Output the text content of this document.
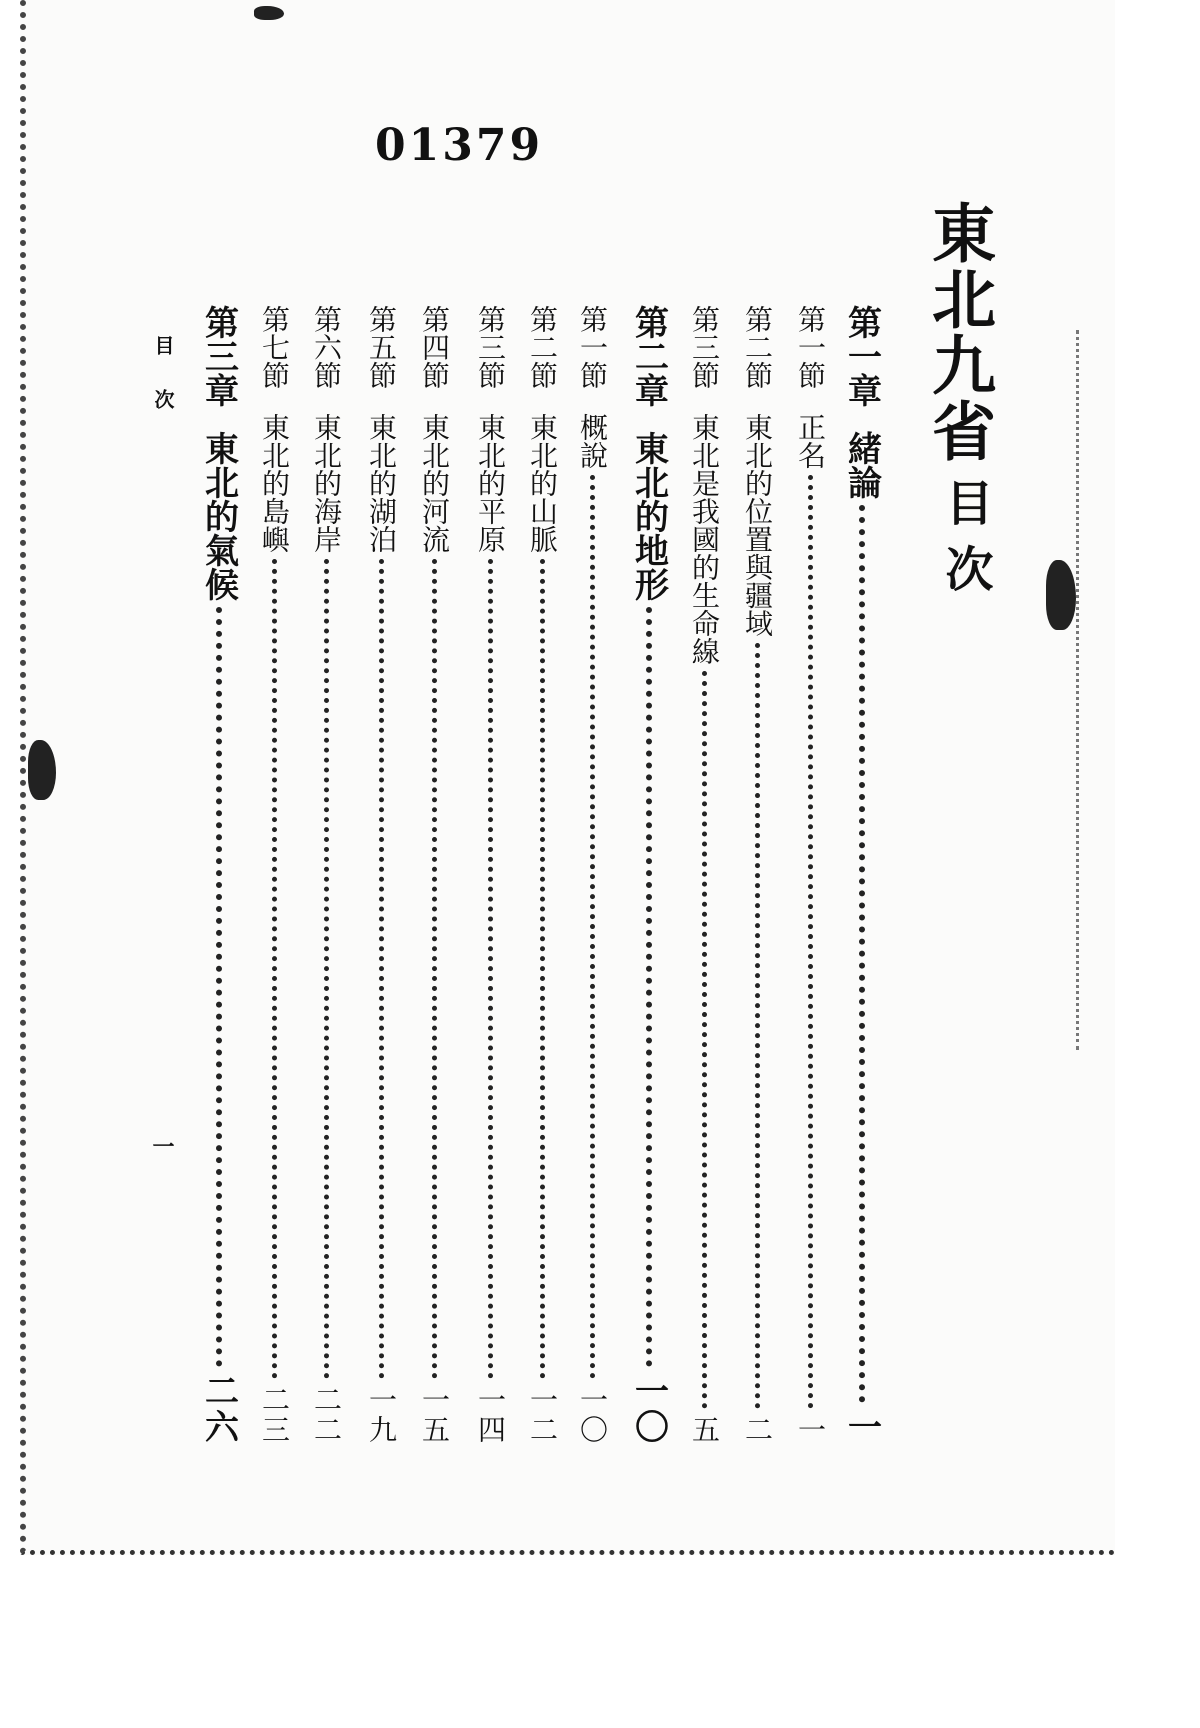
01379
東北九省
目次
目次
一
第一章
緒論
一
第一節
正名
一
第二節
東北的位置與疆域
二
第三節
東北是我國的生命線
五
第二章
東北的地形
一〇
第一節
概說
一〇
第二節
東北的山脈
一二
第三節
東北的平原
一四
第四節
東北的河流
一五
第五節
東北的湖泊
一九
第六節
東北的海岸
二二
第七節
東北的島嶼
二三
第三章
東北的氣候
二六
